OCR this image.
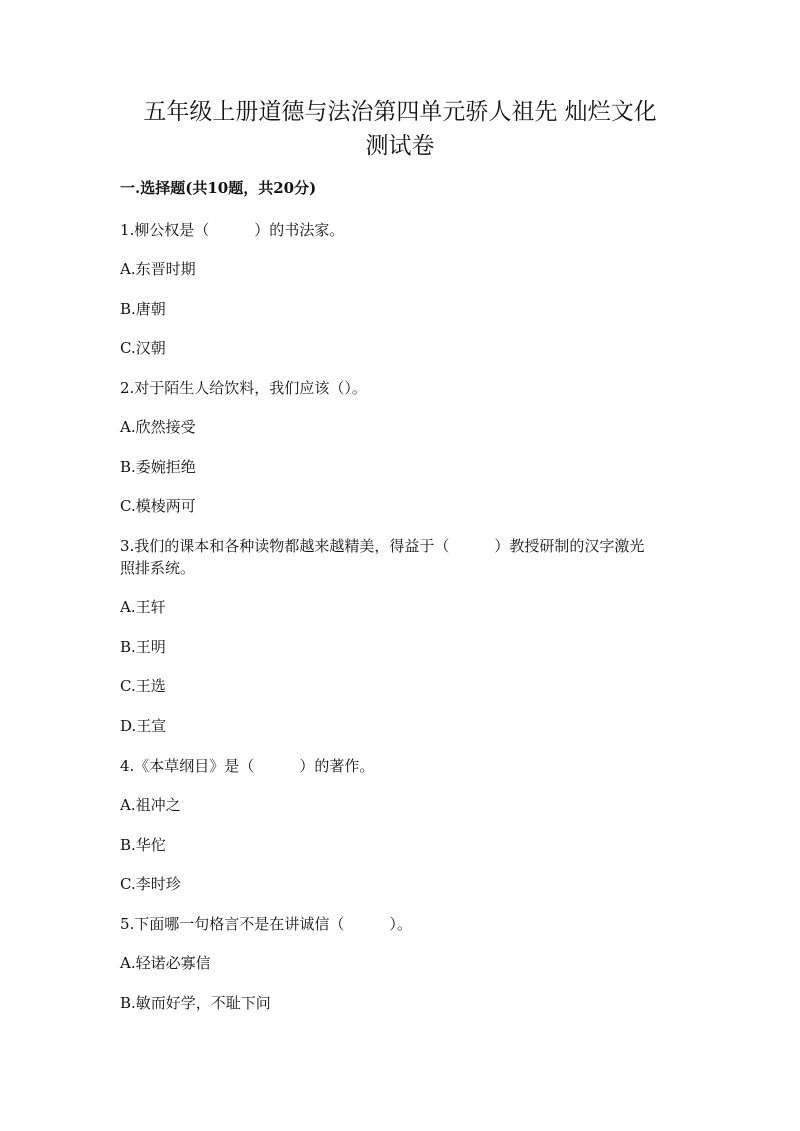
五年级上册道德与法治第四单元骄人祖先 灿烂文化
测试卷

一.选择题(共10题，共20分)

1.柳公权是（　　　）的书法家。

A.东晋时期

B.唐朝

C.汉朝

2.对于陌生人给饮料，我们应该（）。

A.欣然接受

B.委婉拒绝

C.模棱两可

3.我们的课本和各种读物都越来越精美，得益于（　　　）教授研制的汉字激光

照排系统。

A.王轩

B.王明

C.王选

D.王宣

4.《本草纲目》是（　　　）的著作。

A.祖冲之

B.华佗

C.李时珍

5.下面哪一句格言不是在讲诚信（　　　）。

A.轻诺必寡信

B.敏而好学，不耻下问
